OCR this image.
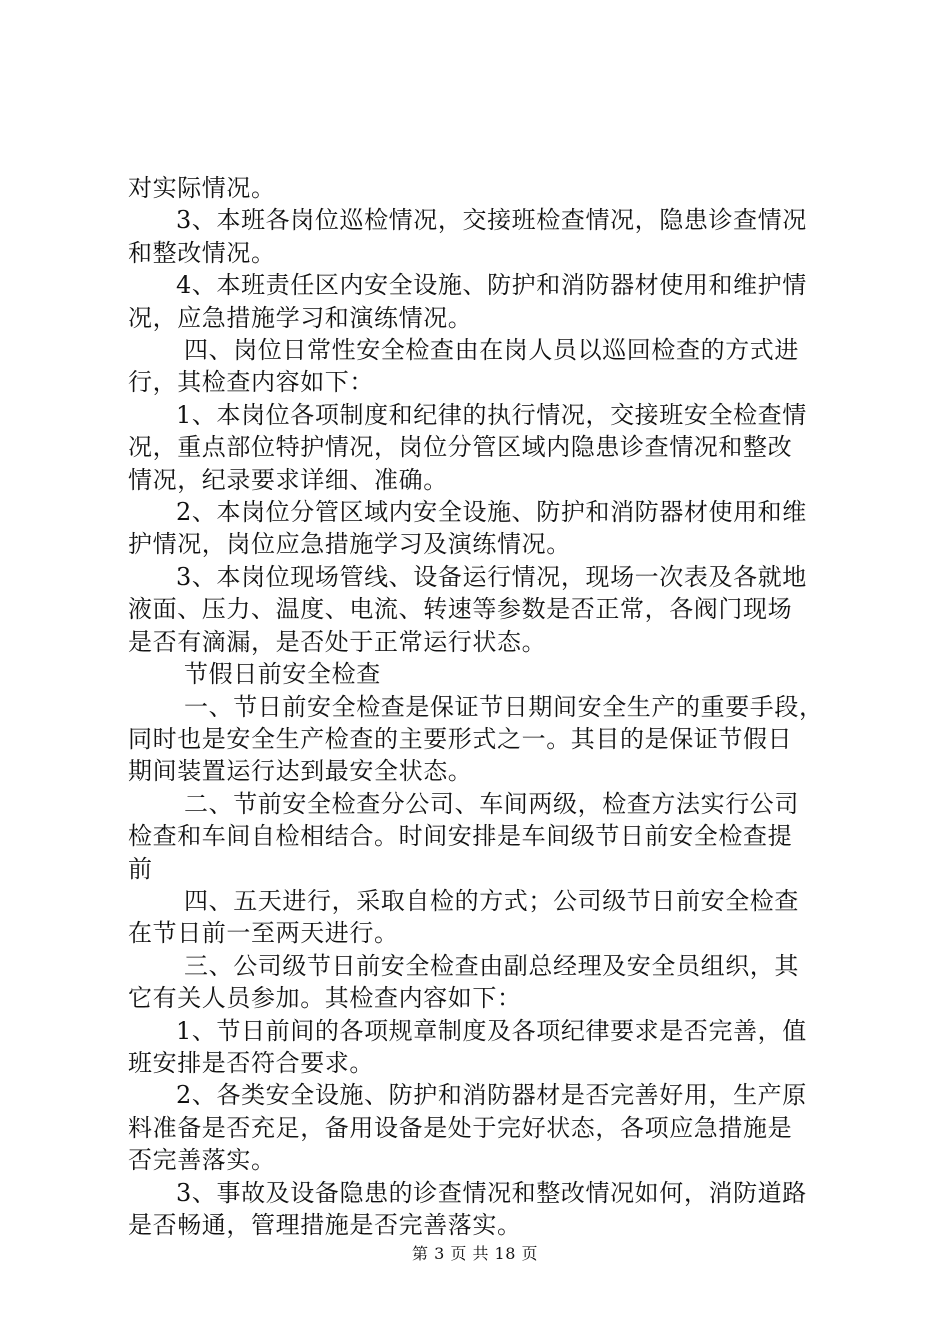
对实际情况。

3、本班各岗位巡检情况，交接班检查情况，隐患诊查情况
和整改情况。

4、本班责任区内安全设施、防护和消防器材使用和维护情
况，应急措施学习和演练情况。

四、岗位日常性安全检查由在岗人员以巡回检查的方式进
行，其检查内容如下：

1、本岗位各项制度和纪律的执行情况，交接班安全检查情
况，重点部位特护情况，岗位分管区域内隐患诊查情况和整改
情况，纪录要求详细、准确。

2、本岗位分管区域内安全设施、防护和消防器材使用和维
护情况，岗位应急措施学习及演练情况。

3、本岗位现场管线、设备运行情况，现场一次表及各就地
液面、压力、温度、电流、转速等参数是否正常，各阀门现场
是否有滴漏，是否处于正常运行状态。

节假日前安全检查

一、节日前安全检查是保证节日期间安全生产的重要手段，
同时也是安全生产检查的主要形式之一。其目的是保证节假日
期间装置运行达到最安全状态。

二、节前安全检查分公司、车间两级，检查方法实行公司
检查和车间自检相结合。时间安排是车间级节日前安全检查提
前

四、五天进行，采取自检的方式；公司级节日前安全检查
在节日前一至两天进行。

三、公司级节日前安全检查由副总经理及安全员组织，其
它有关人员参加。其检查内容如下：

1、节日前间的各项规章制度及各项纪律要求是否完善，值
班安排是否符合要求。

2、各类安全设施、防护和消防器材是否完善好用，生产原
料准备是否充足，备用设备是处于完好状态，各项应急措施是
否完善落实。

3、事故及设备隐患的诊查情况和整改情况如何，消防道路
是否畅通，管理措施是否完善落实。

第 3 页 共 18 页
